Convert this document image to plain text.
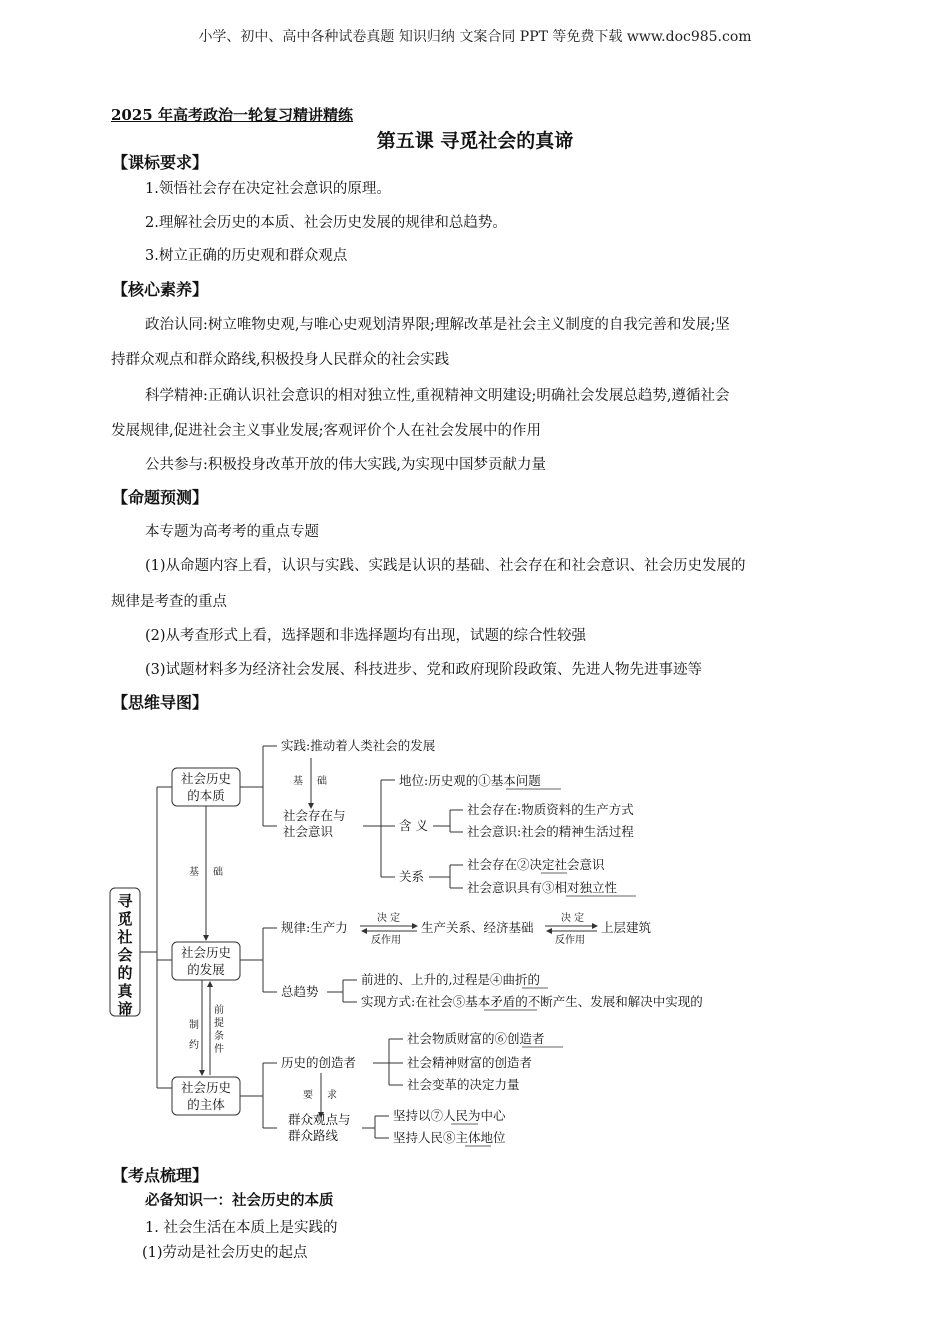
小学、初中、高中各种试卷真题 知识归纳 文案合同 PPT 等免费下载 www.doc985.com
2025 年高考政治一轮复习精讲精练
第五课 寻觅社会的真谛
【课标要求】
1.领悟社会存在决定社会意识的原理。
2.理解社会历史的本质、社会历史发展的规律和总趋势。
3.树立正确的历史观和群众观点
【核心素养】
政治认同:树立唯物史观,与唯心史观划清界限;理解改革是社会主义制度的自我完善和发展;坚
持群众观点和群众路线,积极投身人民群众的社会实践
科学精神:正确认识社会意识的相对独立性,重视精神文明建设;明确社会发展总趋势,遵循社会
发展规律,促进社会主义事业发展;客观评价个人在社会发展中的作用
公共参与:积极投身改革开放的伟大实践,为实现中国梦贡献力量
【命题预测】
本专题为高考考的重点专题
(1)从命题内容上看，认识与实践、实践是认识的基础、社会存在和社会意识、社会历史发展的
规律是考查的重点
(2)从考查形式上看，选择题和非选择题均有出现，试题的综合性较强
(3)试题材料多为经济社会发展、科技进步、党和政府现阶段政策、先进人物先进事迹等
【思维导图】
寻
觅
社
会
的
真
谛
社会历史
的本质
社会历史
的发展
社会历史
的主体
基 础
制
约
前
提
条
件
实践:推动着人类社会的发展
基 础
社会存在与
社会意识
地位:历史观的①基本问题
含 义
社会存在:物质资料的生产方式
社会意识:社会的精神生活过程
关系
社会存在②决定社会意识
社会意识具有③相对独立性
规律:生产力
决 定
反作用
生产关系、经济基础
决 定
反作用
上层建筑
总趋势
前进的、上升的,过程是④曲折的
实现方式:在社会⑤基本矛盾的不断产生、发展和解决中实现的
历史的创造者
社会物质财富的⑥创造者
社会精神财富的创造者
社会变革的决定力量
要 求
群众观点与
群众路线
坚持以⑦人民为中心
坚持人民⑧主体地位
【考点梳理】
必备知识一：社会历史的本质
1. 社会生活在本质上是实践的
(1)劳动是社会历史的起点
